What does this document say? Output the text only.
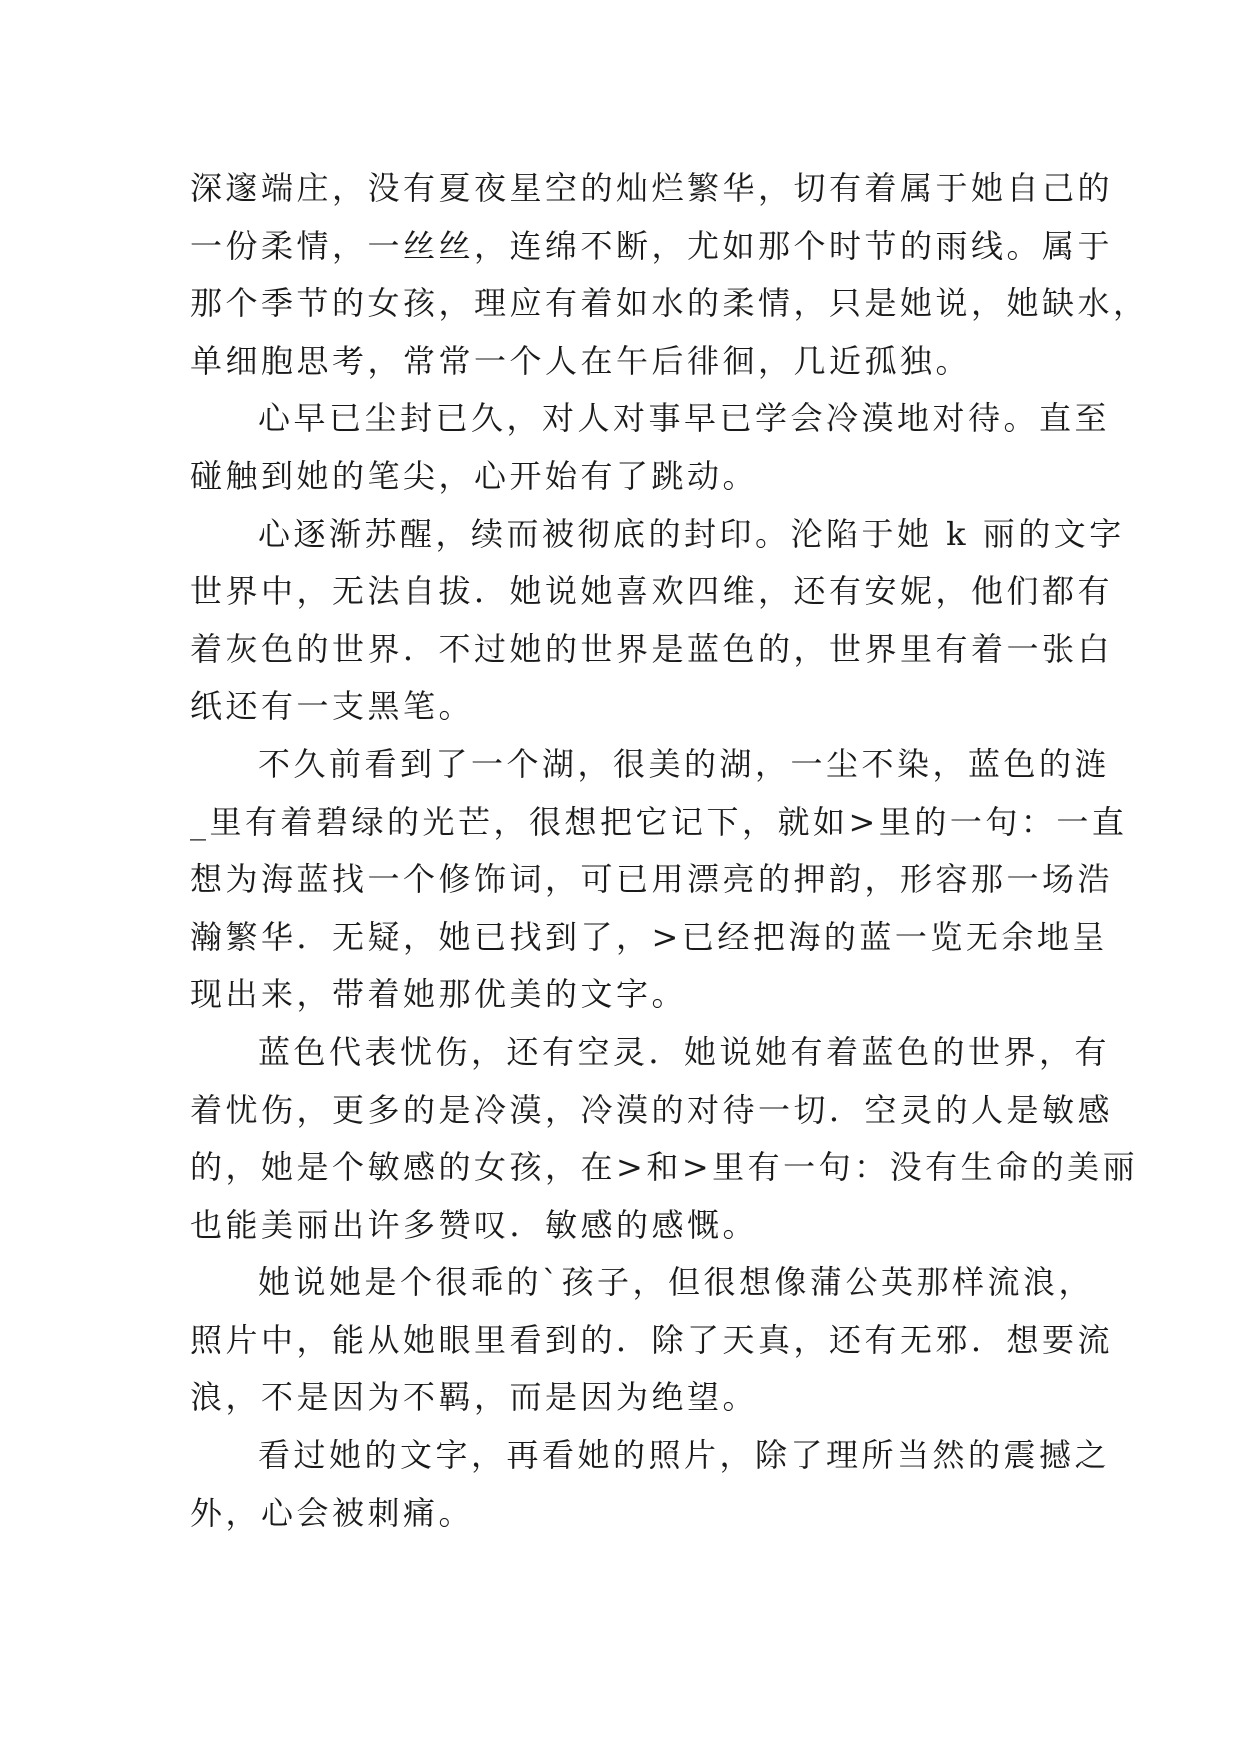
深邃端庄，没有夏夜星空的灿烂繁华，切有着属于她自己的
一份柔情，一丝丝，连绵不断，尤如那个时节的雨线。属于
那个季节的女孩，理应有着如水的柔情，只是她说，她缺水，
单细胞思考，常常一个人在午后徘徊，几近孤独。
心早已尘封已久，对人对事早已学会冷漠地对待。直至
碰触到她的笔尖，心开始有了跳动。
心逐渐苏醒，续而被彻底的封印。沦陷于她 k 丽的文字
世界中，无法自拔．她说她喜欢四维，还有安妮，他们都有
着灰色的世界．不过她的世界是蓝色的，世界里有着一张白
纸还有一支黑笔。
不久前看到了一个湖，很美的湖，一尘不染，蓝色的涟
_里有着碧绿的光芒，很想把它记下，就如>里的一句：一直
想为海蓝找一个修饰词，可已用漂亮的押韵，形容那一场浩
瀚繁华．无疑，她已找到了，>已经把海的蓝一览无余地呈
现出来，带着她那优美的文字。
蓝色代表忧伤，还有空灵．她说她有着蓝色的世界，有
着忧伤，更多的是冷漠，冷漠的对待一切．空灵的人是敏感
的，她是个敏感的女孩，在>和>里有一句：没有生命的美丽
也能美丽出许多赞叹．敏感的感慨。
她说她是个很乖的`孩子，但很想像蒲公英那样流浪，
照片中，能从她眼里看到的．除了天真，还有无邪．想要流
浪，不是因为不羁，而是因为绝望。
看过她的文字，再看她的照片，除了理所当然的震撼之
外，心会被刺痛。
